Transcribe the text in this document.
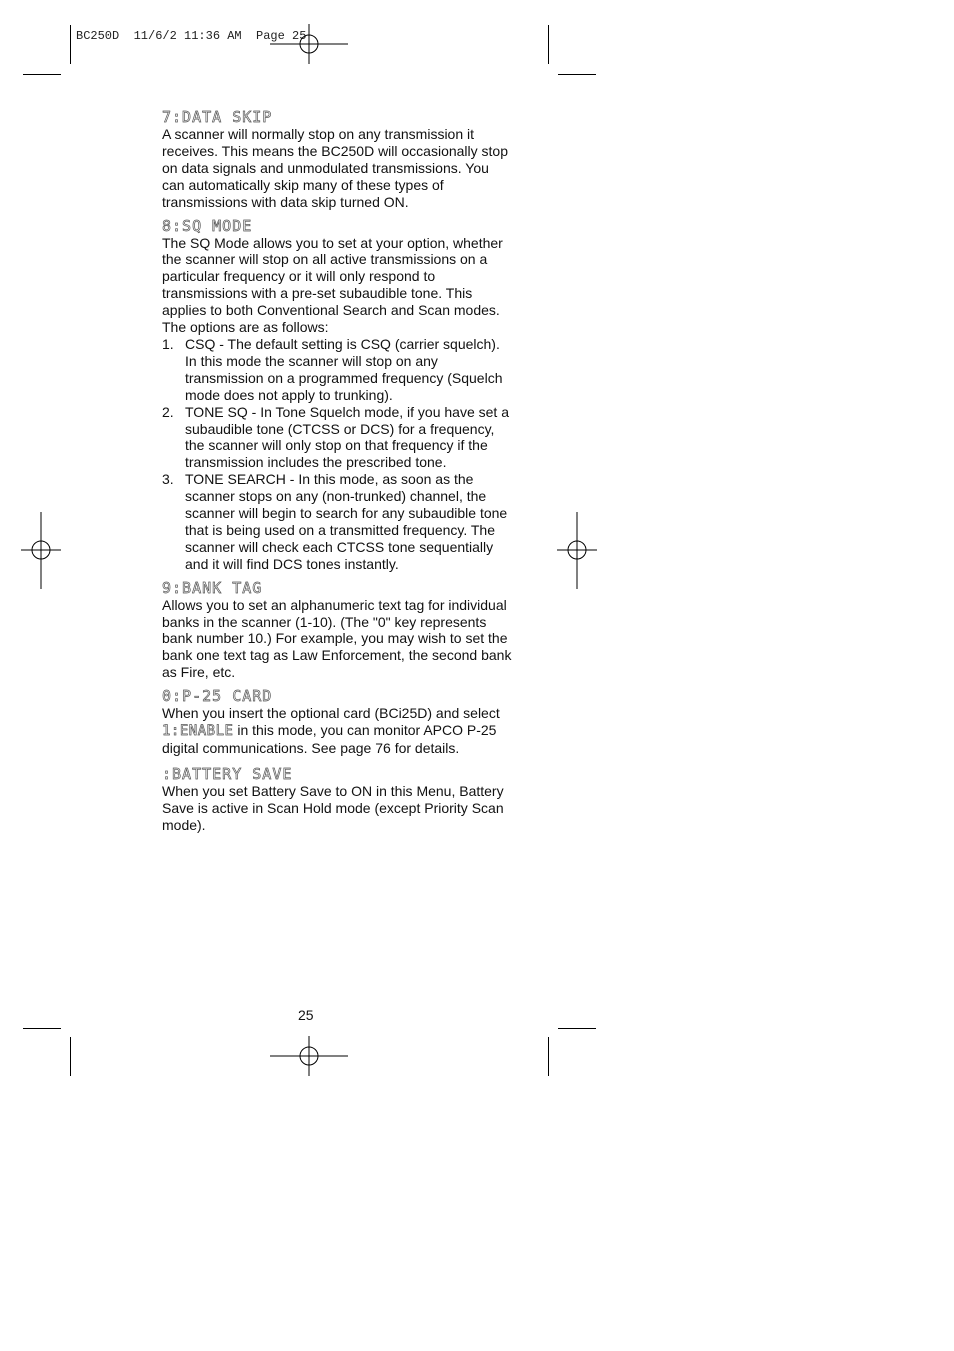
BC250D  11/6/2 11:36 AM  Page 25
7:DATA SKIP

A scanner will normally stop on any transmission it receives. This means the BC250D will occasionally stop on data signals and unmodulated transmissions. You can automatically skip many of these types of transmissions with data skip turned ON.

8:SQ MODE

The SQ Mode allows you to set at your option, whether the scanner will stop on all active transmissions on a particular frequency or it will only respond to transmissions with a pre-set subaudible tone. This applies to both Conventional Search and Scan modes. The options are as follows:

1. CSQ - The default setting is CSQ (carrier squelch). In this mode the scanner will stop on any transmission on a programmed frequency (Squelch mode does not apply to trunking).
2. TONE SQ - In Tone Squelch mode, if you have set a subaudible tone (CTCSS or DCS) for a frequency, the scanner will only stop on that frequency if the transmission includes the prescribed tone.
3. TONE SEARCH - In this mode, as soon as the scanner stops on any (non-trunked) channel, the scanner will begin to search for any subaudible tone that is being used on a transmitted frequency. The scanner will check each CTCSS tone sequentially and it will find DCS tones instantly.
9:BANK TAG

Allows you to set an alphanumeric text tag for individual banks in the scanner (1-10). (The "0" key represents bank number 10.) For example, you may wish to set the bank one text tag as Law Enforcement, the second bank as Fire, etc.

0:P-25 CARD

When you insert the optional card (BCi25D) and select 1:ENABLE in this mode, you can monitor APCO P-25 digital communications. See page 76 for details.

:BATTERY SAVE

When you set Battery Save to ON in this Menu, Battery Save is active in Scan Hold mode (except Priority Scan mode).

25
